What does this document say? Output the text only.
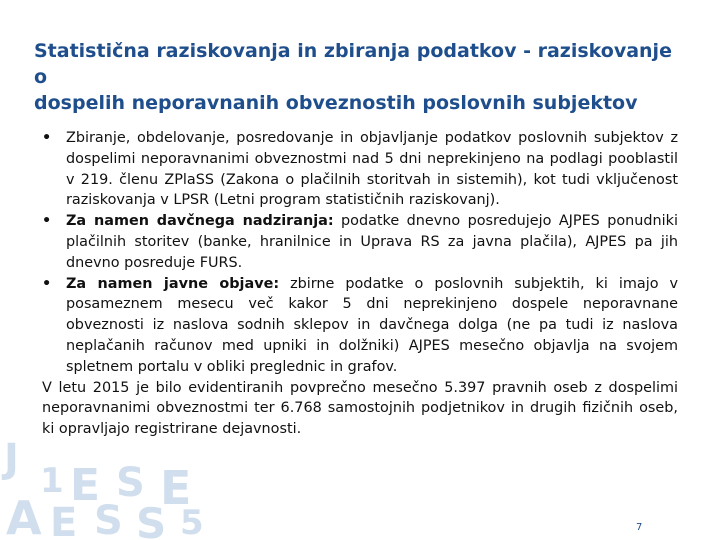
J 1 E S E
A E S S 5
Statistična raziskovanja in zbiranja podatkov - raziskovanje o
dospelih neporavnanih obveznostih poslovnih subjektov
• Zbiranje, obdelovanje, posredovanje in objavljanje podatkov poslovnih subjektov z dospelimi neporavnanimi obveznostmi nad 5 dni neprekinjeno na podlagi pooblastil v 219. členu ZPlaSS (Zakona o plačilnih storitvah in sistemih), kot tudi vključenost raziskovanja v LPSR (Letni program statističnih raziskovanj).
• Za namen davčnega nadziranja: podatke dnevno posredujejo AJPES ponudniki plačilnih storitev (banke, hranilnice in Uprava RS za javna plačila), AJPES pa jih dnevno posreduje FURS.
• Za namen javne objave: zbirne podatke o poslovnih subjektih, ki imajo v posameznem mesecu več kakor 5 dni neprekinjeno dospele neporavnane obveznosti iz naslova sodnih sklepov in davčnega dolga (ne pa tudi iz naslova neplačanih računov med upniki in dolžniki) AJPES mesečno objavlja na svojem spletnem portalu v obliki preglednic in grafov.

V letu 2015 je bilo evidentiranih povprečno mesečno 5.397 pravnih oseb z dospelimi neporavnanimi obveznostmi ter 6.768 samostojnih podjetnikov in drugih fizičnih oseb, ki opravljajo registrirane dejavnosti.

7
